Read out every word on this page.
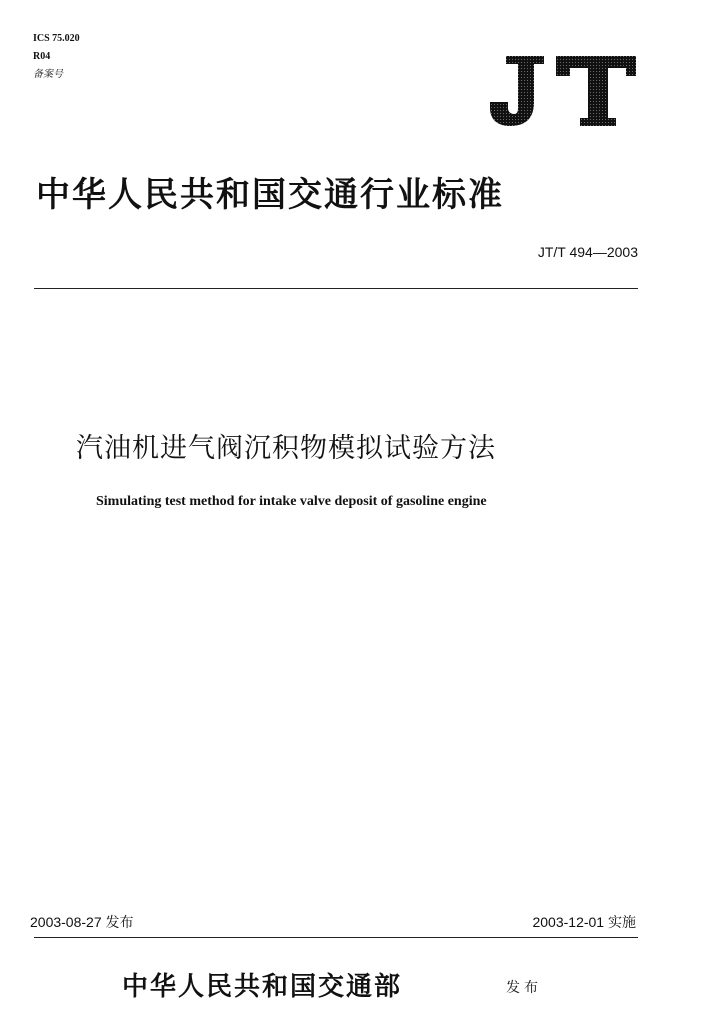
ICS 75.020
R04
备案号
中华人民共和国交通行业标准
JT/T 494—2003
汽油机进气阀沉积物模拟试验方法
Simulating test method for intake valve deposit of gasoline engine
2003-08-27 发布	2003-12-01 实施
中华人民共和国交通部	发布
